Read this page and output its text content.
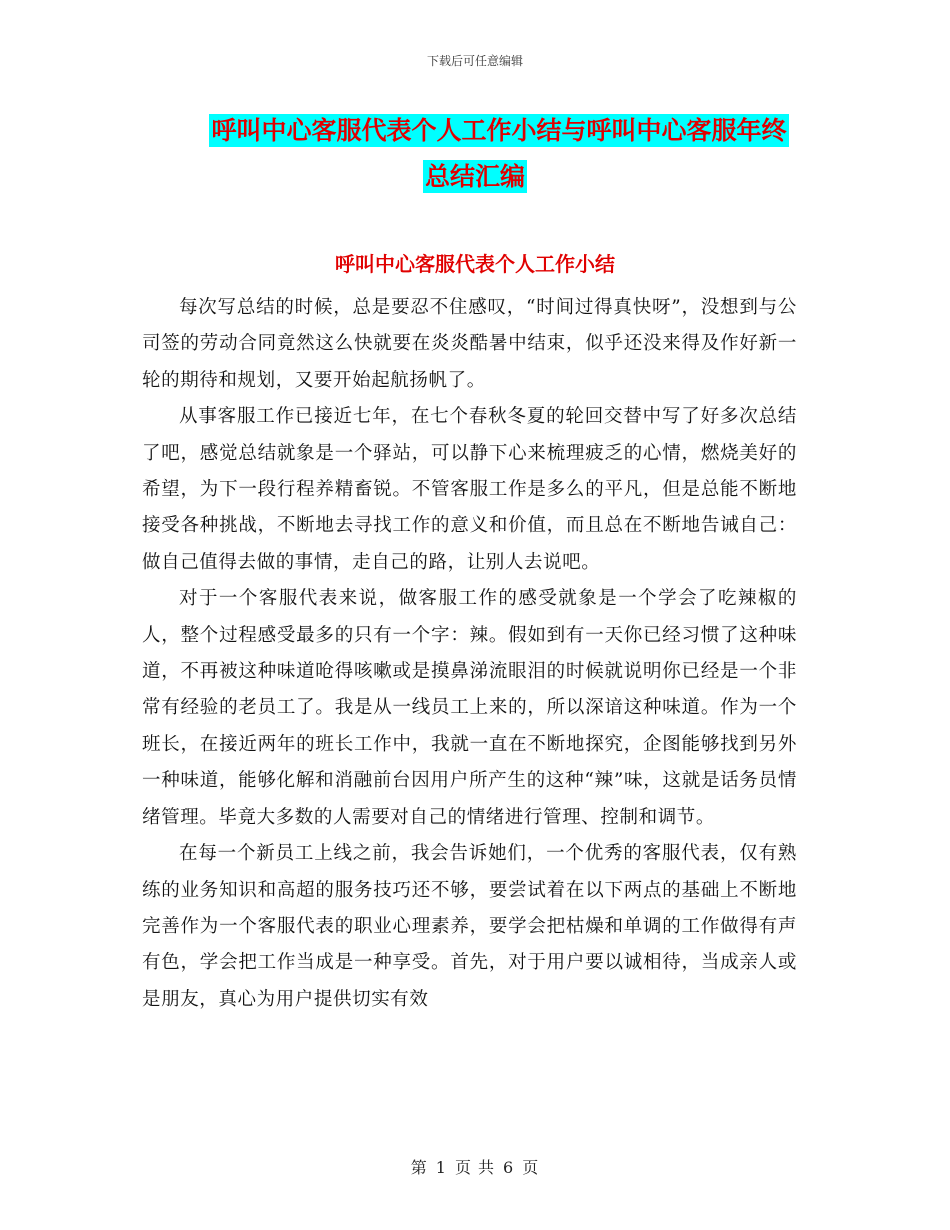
下载后可任意编辑
呼叫中心客服代表个人工作小结与呼叫中心客服年终
总结汇编
呼叫中心客服代表个人工作小结

每次写总结的时候，总是要忍不住感叹，“时间过得真快呀”，没想到与公司签的劳动合同竟然这么快就要在炎炎酷暑中结束，似乎还没来得及作好新一轮的期待和规划，又要开始起航扬帆了。

从事客服工作已接近七年，在七个春秋冬夏的轮回交替中写了好多次总结了吧，感觉总结就象是一个驿站，可以静下心来梳理疲乏的心情，燃烧美好的希望，为下一段行程养精畜锐。不管客服工作是多么的平凡，但是总能不断地接受各种挑战，不断地去寻找工作的意义和价值，而且总在不断地告诫自己：做自己值得去做的事情，走自己的路，让别人去说吧。

对于一个客服代表来说，做客服工作的感受就象是一个学会了吃辣椒的人，整个过程感受最多的只有一个字：辣。假如到有一天你已经习惯了这种味道，不再被这种味道呛得咳嗽或是摸鼻涕流眼泪的时候就说明你已经是一个非常有经验的老员工了。我是从一线员工上来的，所以深谙这种味道。作为一个班长，在接近两年的班长工作中，我就一直在不断地探究，企图能够找到另外一种味道，能够化解和消融前台因用户所产生的这种“辣”味，这就是话务员情绪管理。毕竟大多数的人需要对自己的情绪进行管理、控制和调节。

在每一个新员工上线之前，我会告诉她们，一个优秀的客服代表，仅有熟练的业务知识和高超的服务技巧还不够，要尝试着在以下两点的基础上不断地完善作为一个客服代表的职业心理素养，要学会把枯燥和单调的工作做得有声有色，学会把工作当成是一种享受。首先，对于用户要以诚相待，当成亲人或是朋友，真心为用户提供切实有效

第 1 页 共 6 页
